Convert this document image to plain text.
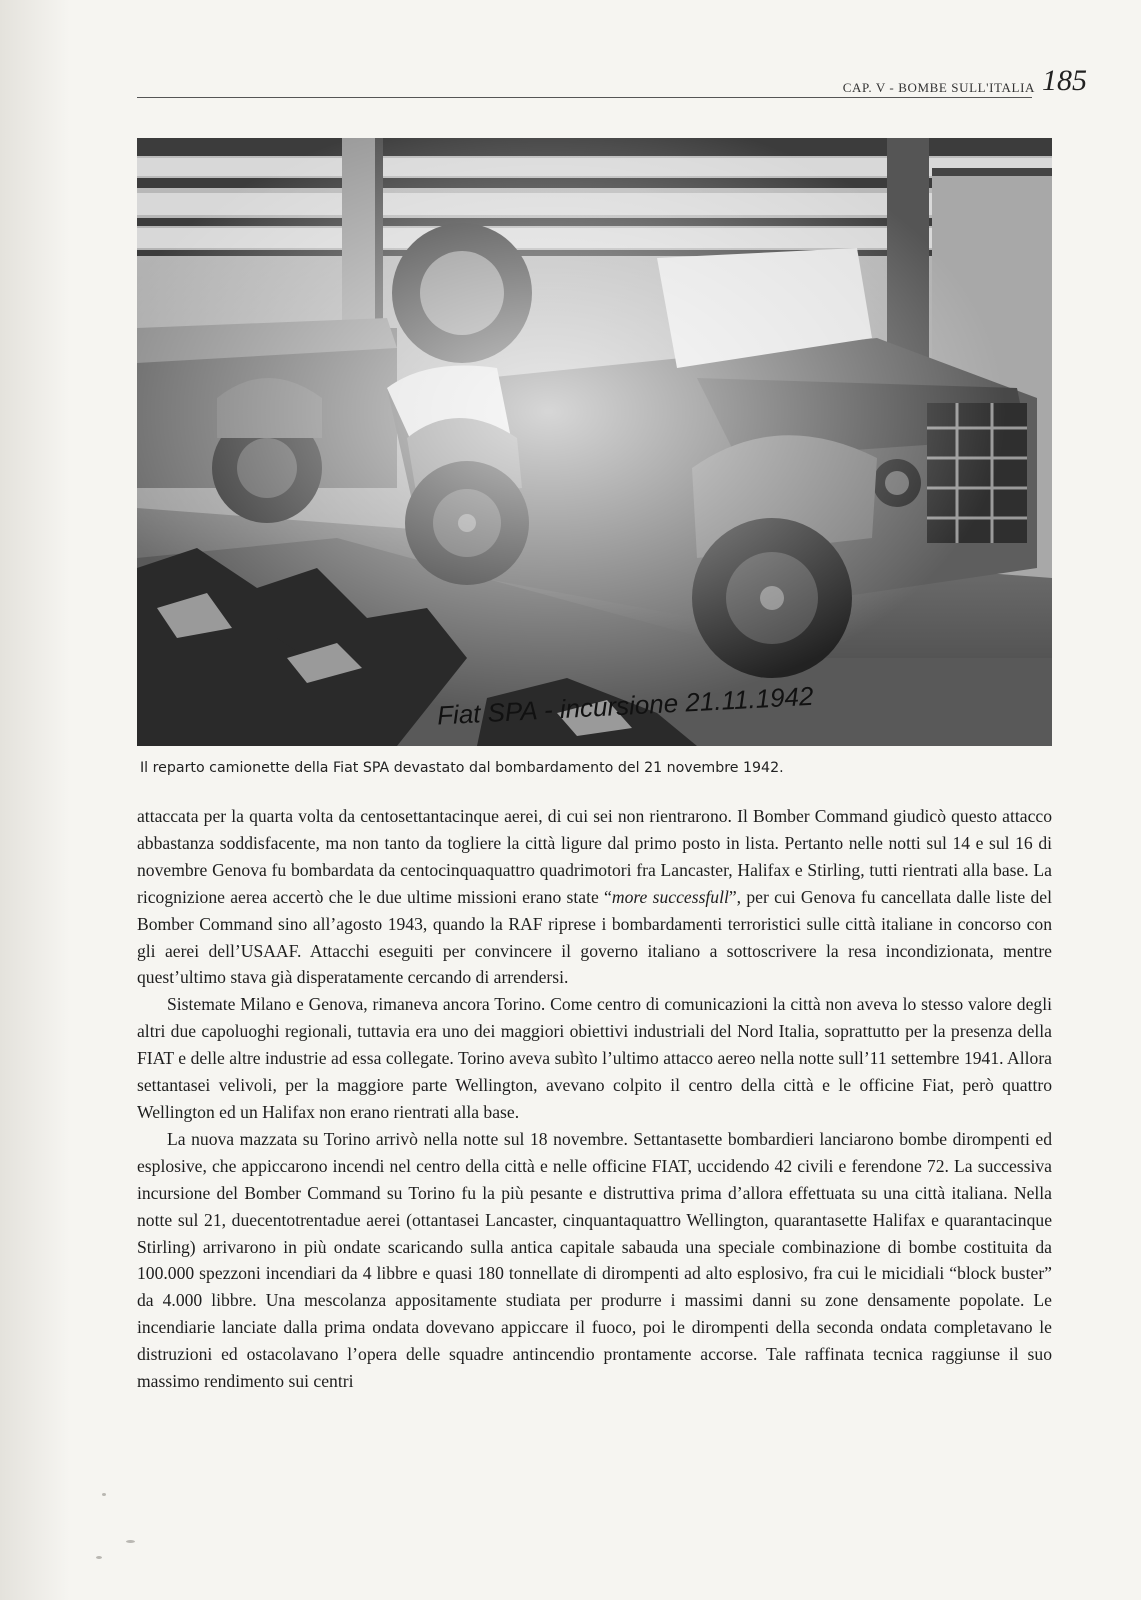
CAP. V - BOMBE SULL'ITALIA 185
Fiat SPA - incursione 21.11.1942
Il reparto camionette della Fiat SPA devastato dal bombardamento del 21 novembre 1942.

attaccata per la quarta volta da centosettantacinque aerei, di cui sei non rientrarono. Il Bomber Command giudicò questo attacco abbastanza soddisfacente, ma non tanto da togliere la città ligure dal primo posto in lista. Pertanto nelle notti sul 14 e sul 16 di novembre Genova fu bombardata da centocinquaquattro quadrimotori fra Lancaster, Halifax e Stirling, tutti rientrati alla base. La ricognizione aerea accertò che le due ultime missioni erano state “more successfull”, per cui Genova fu cancellata dalle liste del Bomber Command sino all’agosto 1943, quando la RAF riprese i bombardamenti terroristici sulle città italiane in concorso con gli aerei dell’USAAF. Attacchi eseguiti per convincere il governo italiano a sottoscrivere la resa incondizionata, mentre quest’ultimo stava già disperatamente cercando di arrendersi.

Sistemate Milano e Genova, rimaneva ancora Torino. Come centro di comunicazioni la città non aveva lo stesso valore degli altri due capoluoghi regionali, tuttavia era uno dei maggiori obiettivi industriali del Nord Italia, soprattutto per la presenza della FIAT e delle altre industrie ad essa collegate. Torino aveva subìto l’ultimo attacco aereo nella notte sull’11 settembre 1941. Allora settantasei velivoli, per la maggiore parte Wellington, avevano colpito il centro della città e le officine Fiat, però quattro Wellington ed un Halifax non erano rientrati alla base.

La nuova mazzata su Torino arrivò nella notte sul 18 novembre. Settantasette bombardieri lanciarono bombe dirompenti ed esplosive, che appiccarono incendi nel centro della città e nelle officine FIAT, uccidendo 42 civili e ferendone 72. La successiva incursione del Bomber Command su Torino fu la più pesante e distruttiva prima d’allora effettuata su una città italiana. Nella notte sul 21, duecentotrentadue aerei (ottantasei Lancaster, cinquantaquattro Wellington, quarantasette Halifax e quarantacinque Stirling) arrivarono in più ondate scaricando sulla antica capitale sabauda una speciale combinazione di bombe costituita da 100.000 spezzoni incendiari da 4 libbre e quasi 180 tonnellate di dirompenti ad alto esplosivo, fra cui le micidiali “block buster” da 4.000 libbre. Una mescolanza appositamente studiata per produrre i massimi danni su zone densamente popolate. Le incendiarie lanciate dalla prima ondata dovevano appiccare il fuoco, poi le dirompenti della seconda ondata completavano le distruzioni ed ostacolavano l’opera delle squadre antincendio prontamente accorse. Tale raffinata tecnica raggiunse il suo massimo rendimento sui centri
